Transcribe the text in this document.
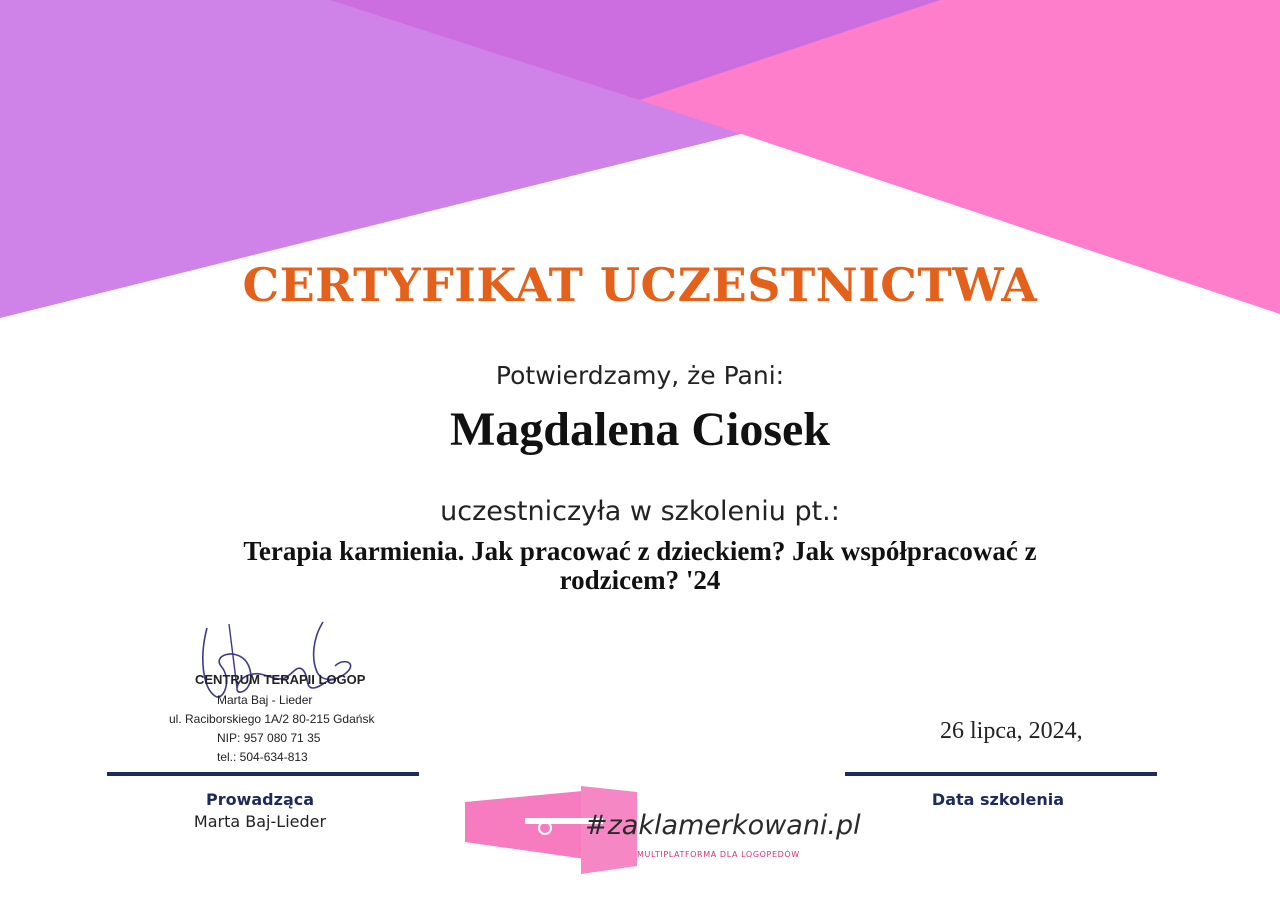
CERTYFIKAT UCZESTNICTWA
Potwierdzamy, że Pani:
Magdalena Ciosek
uczestniczyła w szkoleniu pt.:
Terapia karmienia. Jak pracować z dzieckiem? Jak współpracować z
rodzicem? '24
CENTRUM TERAPII LOGOP
Marta Baj - Lieder
ul. Raciborskiego 1A/2 80-215 Gdańsk
NIP: 957 080 71 35
tel.: 504-634-813
26 lipca, 2024,
Prowadząca
Marta Baj-Lieder
Data szkolenia
#zaklamerkowani.pl
MULTIPLATFORMA DLA LOGOPEDÓW
